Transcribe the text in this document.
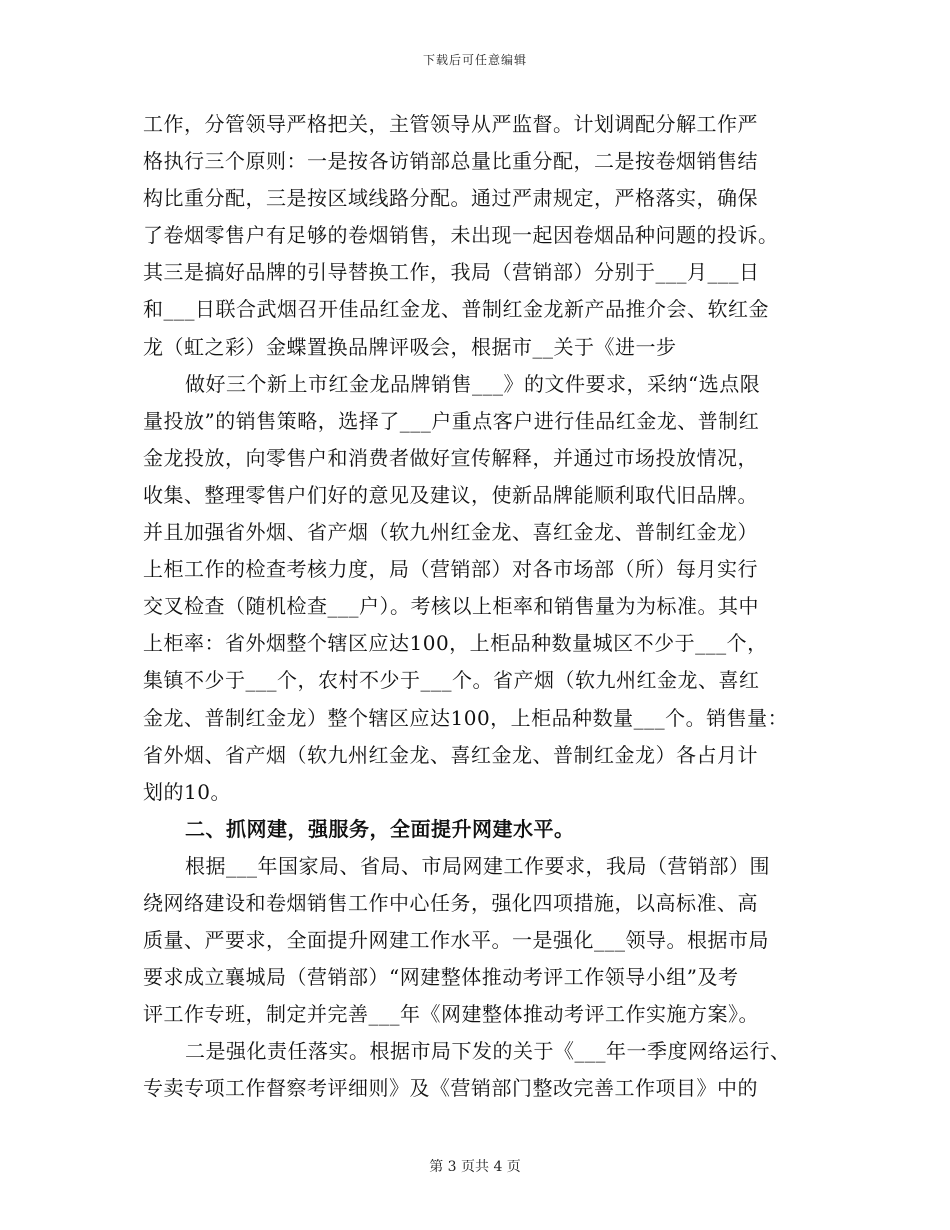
下载后可任意编辑
工作，分管领导严格把关，主管领导从严监督。计划调配分解工作严
格执行三个原则：一是按各访销部总量比重分配，二是按卷烟销售结
构比重分配，三是按区域线路分配。通过严肃规定，严格落实，确保
了卷烟零售户有足够的卷烟销售，未出现一起因卷烟品种问题的投诉。
其三是搞好品牌的引导替换工作，我局（营销部）分别于___月___日
和___日联合武烟召开佳品红金龙、普制红金龙新产品推介会、软红金
龙（虹之彩）金蝶置换品牌评吸会，根据市__关于《进一步
做好三个新上市红金龙品牌销售___》的文件要求，采纳“选点限
量投放”的销售策略，选择了___户重点客户进行佳品红金龙、普制红
金龙投放，向零售户和消费者做好宣传解释，并通过市场投放情况，
收集、整理零售户们好的意见及建议，使新品牌能顺利取代旧品牌。
并且加强省外烟、省产烟（软九州红金龙、喜红金龙、普制红金龙）
上柜工作的检查考核力度，局（营销部）对各市场部（所）每月实行
交叉检查（随机检查___户）。考核以上柜率和销售量为为标准。其中
上柜率：省外烟整个辖区应达100，上柜品种数量城区不少于___个，
集镇不少于___个，农村不少于___个。省产烟（软九州红金龙、喜红
金龙、普制红金龙）整个辖区应达100，上柜品种数量___个。销售量：
省外烟、省产烟（软九州红金龙、喜红金龙、普制红金龙）各占月计
划的10。
二、抓网建，强服务，全面提升网建水平。
根据___年国家局、省局、市局网建工作要求，我局（营销部）围
绕网络建设和卷烟销售工作中心任务，强化四项措施，以高标准、高
质量、严要求，全面提升网建工作水平。一是强化___领导。根据市局
要求成立襄城局（营销部）“网建整体推动考评工作领导小组”及考
评工作专班，制定并完善___年《网建整体推动考评工作实施方案》。
二是强化责任落实。根据市局下发的关于《___年一季度网络运行、
专卖专项工作督察考评细则》及《营销部门整改完善工作项目》中的
第 3 页共 4 页
